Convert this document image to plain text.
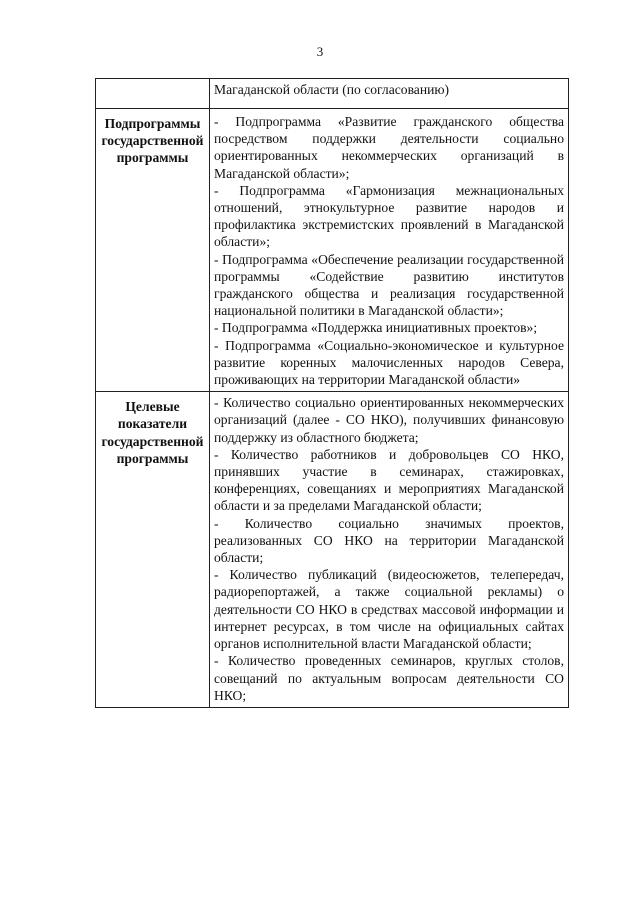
3
	Магаданской области (по согласованию)
Подпрограммы государственной программы	- Подпрограмма «Развитие гражданского общества посредством поддержки деятельности социально ориентированных некоммерческих организаций в Магаданской области»;
- Подпрограмма «Гармонизация межнациональных отношений, этнокультурное развитие народов и профилактика экстремистских проявлений в Магаданской области»;
- Подпрограмма «Обеспечение реализации государственной программы «Содействие развитию институтов гражданского общества и реализация государственной национальной политики в Магаданской области»;
- Подпрограмма «Поддержка инициативных проектов»;
- Подпрограмма «Социально-экономическое и культурное развитие коренных малочисленных народов Севера, проживающих на территории Магаданской области»

Целевые показатели государственной программы	- Количество социально ориентированных некоммерческих организаций (далее - СО НКО), получивших финансовую поддержку из областного бюджета;
- Количество работников и добровольцев СО НКО, принявших участие в семинарах, стажировках, конференциях, совещаниях и мероприятиях Магаданской области и за пределами Магаданской области;
- Количество социально значимых проектов, реализованных СО НКО на территории Магаданской области;
- Количество публикаций (видеосюжетов, телепередач, радиорепортажей, а также социальной рекламы) о деятельности СО НКО в средствах массовой информации и интернет ресурсах, в том числе на официальных сайтах органов исполнительной власти Магаданской области;
- Количество проведенных семинаров, круглых столов, совещаний по актуальным вопросам деятельности СО НКО;
